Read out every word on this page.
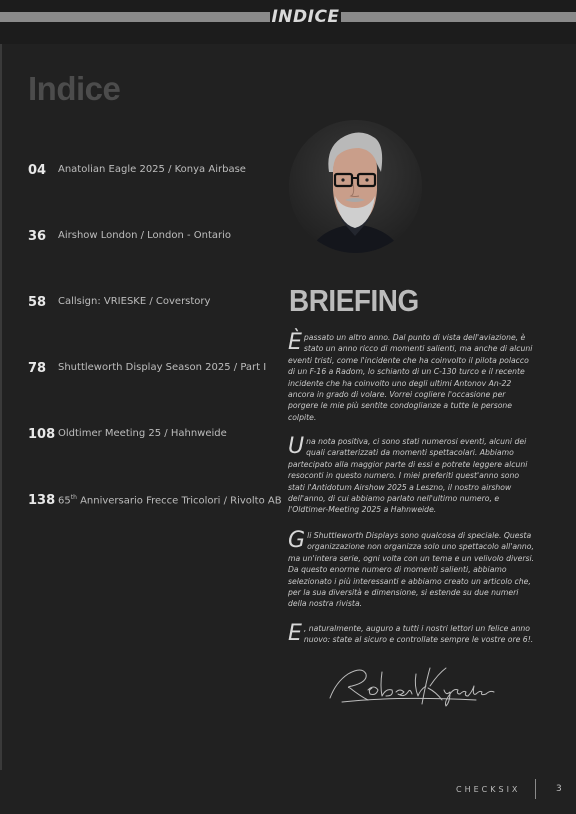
INDICE
Indice
04 Anatolian Eagle 2025 / Konya Airbase
36 Airshow London / London - Ontario
58 Callsign: VRIESKE / Coverstory
78 Shuttleworth Display Season 2025 / Part I
108 Oldtimer Meeting 25 / Hahnweide
138 65th Anniversario Frecce Tricolori / Rivolto AB
BRIEFING

Èpassato un altro anno. Dal punto di vista dell'aviazione, è stato un anno ricco di momenti salienti, ma anche di alcuni eventi tristi, come l'incidente che ha coinvolto il pilota polacco di un F-16 a Radom, lo schianto di un C-130 turco e il recente incidente che ha coinvolto uno degli ultimi Antonov An-22 ancora in grado di volare. Vorrei cogliere l'occasione per porgere le mie più sentite condoglianze a tutte le persone colpite.

Una nota positiva, ci sono stati numerosi eventi, alcuni dei quali caratterizzati da momenti spettacolari. Abbiamo partecipato alla maggior parte di essi e potrete leggere alcuni resoconti in questo numero. I miei preferiti quest'anno sono stati l'Antidotum Airshow 2025 a Leszno, il nostro airshow dell'anno, di cui abbiamo parlato nell'ultimo numero, e l'Oldtimer-Meeting 2025 a Hahnweide.

Gli Shuttleworth Displays sono qualcosa di speciale. Questa organizzazione non organizza solo uno spettacolo all'anno, ma un'intera serie, ogni volta con un tema e un velivolo diversi. Da questo enorme numero di momenti salienti, abbiamo selezionato i più interessanti e abbiamo creato un articolo che, per la sua diversità e dimensione, si estende su due numeri della nostra rivista.

E , naturalmente, auguro a tutti i nostri lettori un felice anno nuovo: state al sicuro e controllate sempre le vostre ore 6!.

CHECKSIX	3
